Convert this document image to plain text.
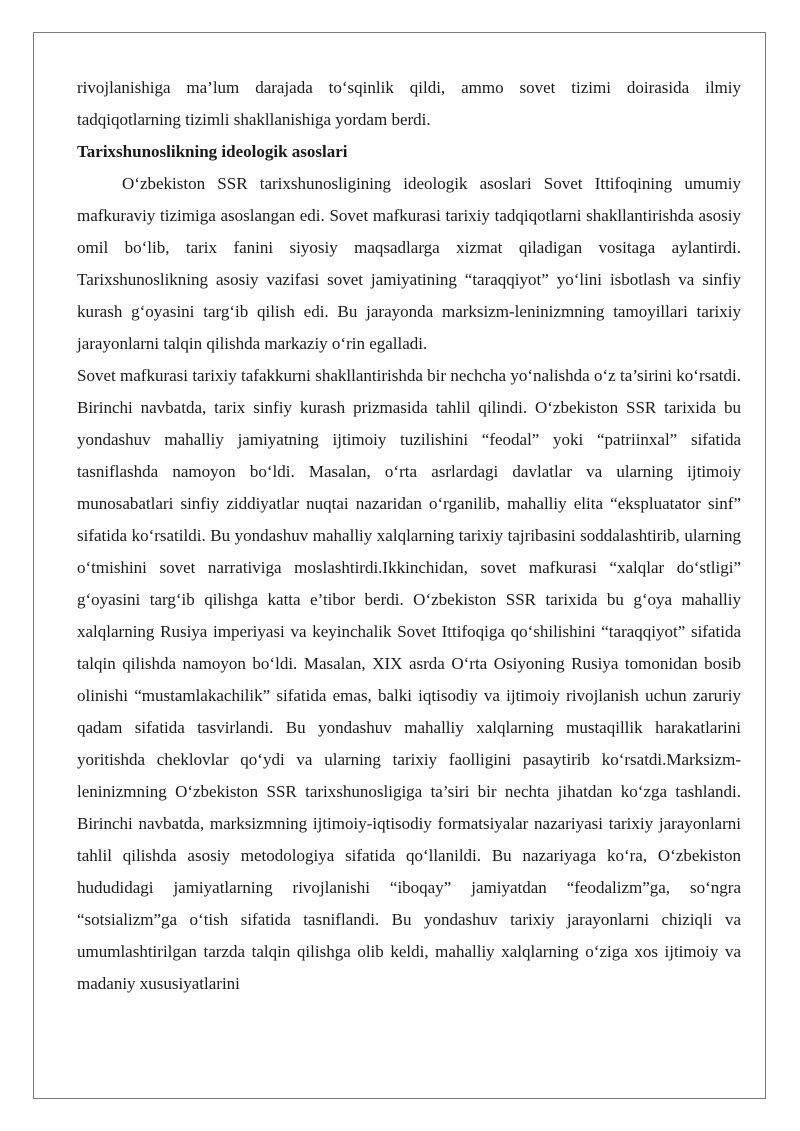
rivojlanishiga ma’lum darajada to‘sqinlik qildi, ammo sovet tizimi doirasida ilmiy tadqiqotlarning tizimli shakllanishiga yordam berdi.

Tarixshunoslikning ideologik asoslari

O‘zbekiston SSR tarixshunosligining ideologik asoslari Sovet Ittifoqining umumiy mafkuraviy tizimiga asoslangan edi. Sovet mafkurasi tarixiy tadqiqotlarni shakllantirishda asosiy omil bo‘lib, tarix fanini siyosiy maqsadlarga xizmat qiladigan vositaga aylantirdi. Tarixshunoslikning asosiy vazifasi sovet jamiyatining “taraqqiyot” yo‘lini isbotlash va sinfiy kurash g‘oyasini targ‘ib qilish edi. Bu jarayonda marksizm-leninizmning tamoyillari tarixiy jarayonlarni talqin qilishda markaziy o‘rin egalladi.

Sovet mafkurasi tarixiy tafakkurni shakllantirishda bir nechcha yo‘nalishda o‘z ta’sirini ko‘rsatdi. Birinchi navbatda, tarix sinfiy kurash prizmasida tahlil qilindi. O‘zbekiston SSR tarixida bu yondashuv mahalliy jamiyatning ijtimoiy tuzilishini “feodal” yoki “patriinxal” sifatida tasniflashda namoyon bo‘ldi. Masalan, o‘rta asrlardagi davlatlar va ularning ijtimoiy munosabatlari sinfiy ziddiyatlar nuqtai nazaridan o‘rganilib, mahalliy elita “ekspluatator sinf” sifatida ko‘rsatildi. Bu yondashuv mahalliy xalqlarning tarixiy tajribasini soddalashtirib, ularning o‘tmishini sovet narrativiga moslashtirdi.Ikkinchidan, sovet mafkurasi “xalqlar do‘stligi” g‘oyasini targ‘ib qilishga katta e’tibor berdi. O‘zbekiston SSR tarixida bu g‘oya mahalliy xalqlarning Rusiya imperiyasi va keyinchalik Sovet Ittifoqiga qo‘shilishini “taraqqiyot” sifatida talqin qilishda namoyon bo‘ldi. Masalan, XIX asrda O‘rta Osiyoning Rusiya tomonidan bosib olinishi “mustamlakachilik” sifatida emas, balki iqtisodiy va ijtimoiy rivojlanish uchun zaruriy qadam sifatida tasvirlandi. Bu yondashuv mahalliy xalqlarning mustaqillik harakatlarini yoritishda cheklovlar qo‘ydi va ularning tarixiy faolligini pasaytirib ko‘rsatdi.Marksizm-leninizmning O‘zbekiston SSR tarixshunosligiga ta’siri bir nechta jihatdan ko‘zga tashlandi. Birinchi navbatda, marksizmning ijtimoiy-iqtisodiy formatsiyalar nazariyasi tarixiy jarayonlarni tahlil qilishda asosiy metodologiya sifatida qo‘llanildi. Bu nazariyaga ko‘ra, O‘zbekiston hududidagi jamiyatlarning rivojlanishi “iboqay” jamiyatdan “feodalizm”ga, so‘ngra “sotsializm”ga o‘tish sifatida tasniflandi. Bu yondashuv tarixiy jarayonlarni chiziqli va umumlashtirilgan tarzda talqin qilishga olib keldi, mahalliy xalqlarning o‘ziga xos ijtimoiy va madaniy xususiyatlarini
